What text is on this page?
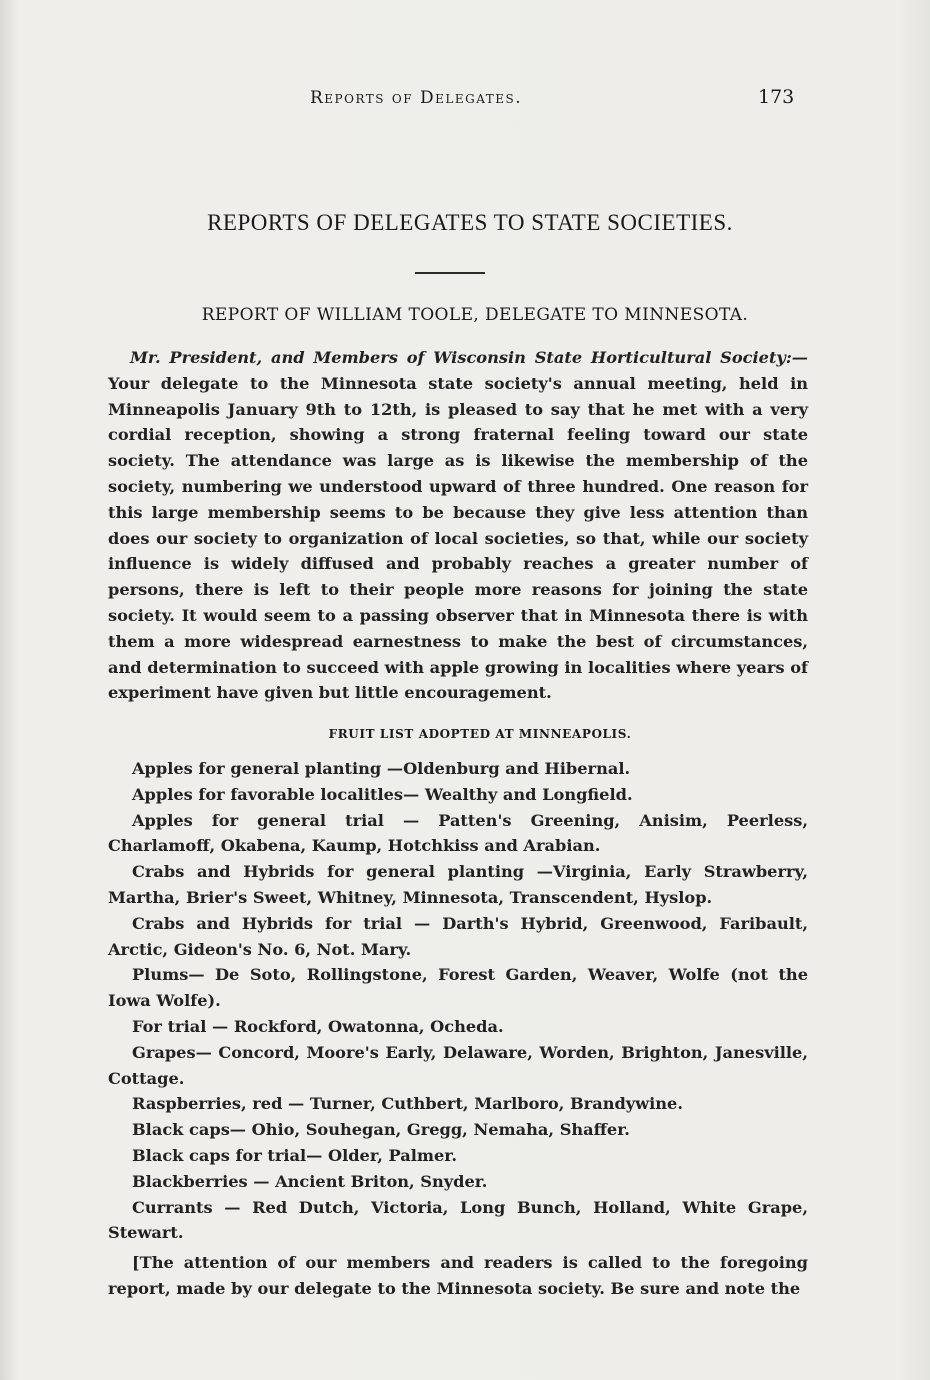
Reports of Delegates.	173
REPORTS OF DELEGATES TO STATE SOCIETIES.
REPORT OF WILLIAM TOOLE, DELEGATE TO MINNESOTA.
Mr. President, and Members of Wisconsin State Horticultural Society:— Your delegate to the Minnesota state society's annual meeting, held in Minneapolis January 9th to 12th, is pleased to say that he met with a very cordial reception, showing a strong fraternal feeling toward our state society. The attendance was large as is likewise the membership of the society, numbering we understood upward of three hundred. One reason for this large membership seems to be because they give less attention than does our society to organization of local societies, so that, while our society influence is widely diffused and probably reaches a greater number of persons, there is left to their people more reasons for joining the state society. It would seem to a passing observer that in Minnesota there is with them a more widespread earnestness to make the best of circumstances, and determination to succeed with apple growing in localities where years of experiment have given but little encouragement.
FRUIT LIST ADOPTED AT MINNEAPOLIS.

Apples for general planting —Oldenburg and Hibernal.

Apples for favorable localitles— Wealthy and Longfield.

Apples for general trial — Patten's Greening, Anisim, Peerless, Charlamoff, Okabena, Kaump, Hotchkiss and Arabian.

Crabs and Hybrids for general planting —Virginia, Early Strawberry, Martha, Brier's Sweet, Whitney, Minnesota, Transcendent, Hyslop.

Crabs and Hybrids for trial — Darth's Hybrid, Greenwood, Faribault, Arctic, Gideon's No. 6, Not. Mary.

Plums— De Soto, Rollingstone, Forest Garden, Weaver, Wolfe (not the Iowa Wolfe).

For trial — Rockford, Owatonna, Ocheda.

Grapes— Concord, Moore's Early, Delaware, Worden, Brighton, Janesville, Cottage.

Raspberries, red — Turner, Cuthbert, Marlboro, Brandywine.

Black caps— Ohio, Souhegan, Gregg, Nemaha, Shaffer.

Black caps for trial— Older, Palmer.

Blackberries — Ancient Briton, Snyder.

Currants — Red Dutch, Victoria, Long Bunch, Holland, White Grape, Stewart.

[The attention of our members and readers is called to the foregoing report, made by our delegate to the Minnesota society. Be sure and note the
